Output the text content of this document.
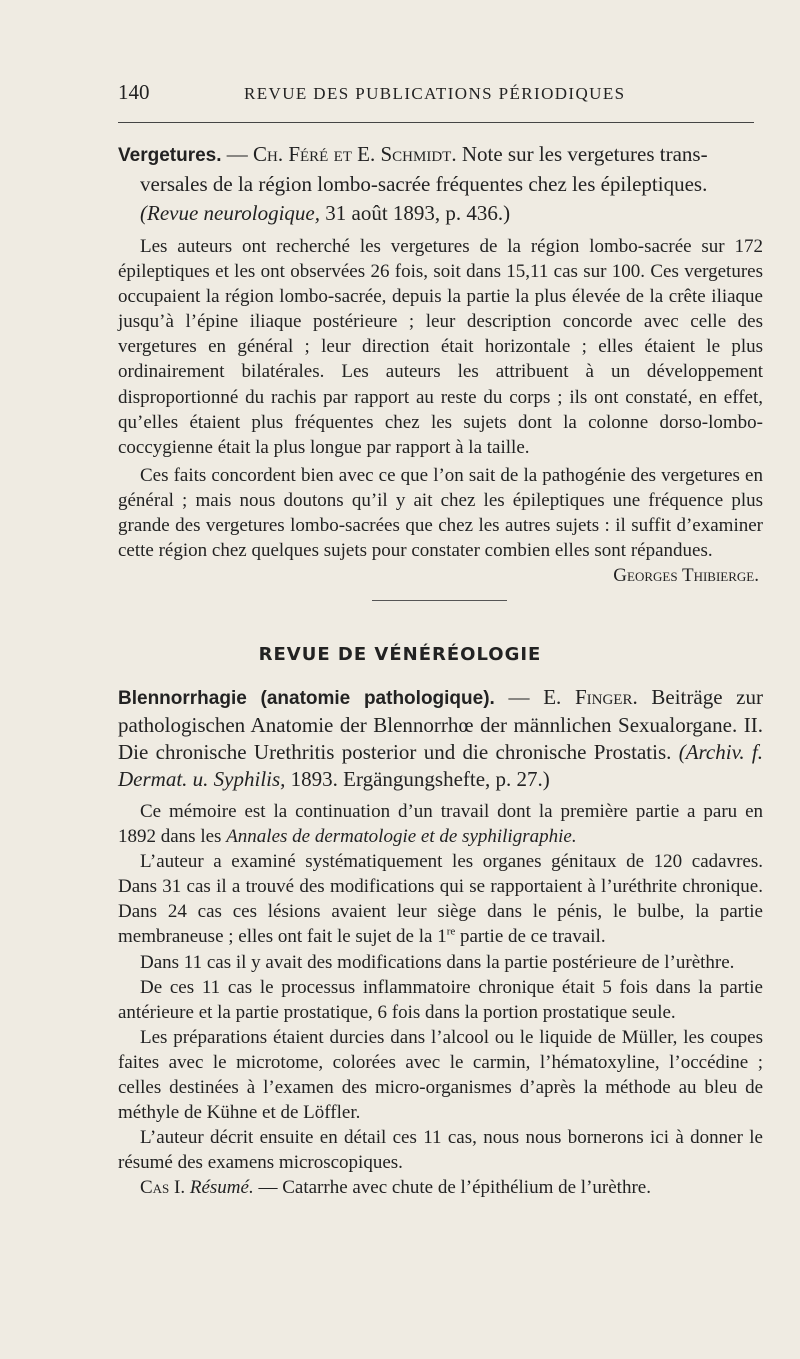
140	REVUE DES PUBLICATIONS PÉRIODIQUES

Vergetures. — Ch. Féré et E. Schmidt. Note sur les vergetures trans-
versales de la région lombo-sacrée fréquentes chez les épileptiques.
(Revue neurologique, 31 août 1893, p. 436.)

Les auteurs ont recherché les vergetures de la région lombo-sacrée sur 172 épileptiques et les ont observées 26 fois, soit dans 15,11 cas sur 100. Ces vergetures occupaient la région lombo-sacrée, depuis la partie la plus élevée de la crête iliaque jusqu’à l’épine iliaque postérieure ; leur description concorde avec celle des vergetures en général ; leur direction était horizontale ; elles étaient le plus ordinairement bilatérales. Les auteurs les attribuent à un développement disproportionné du rachis par rapport au reste du corps ; ils ont constaté, en effet, qu’elles étaient plus fréquentes chez les sujets dont la colonne dorso-lombo-coccygienne était la plus longue par rapport à la taille.

Ces faits concordent bien avec ce que l’on sait de la pathogénie des vergetures en général ; mais nous doutons qu’il y ait chez les épileptiques une fréquence plus grande des vergetures lombo-sacrées que chez les autres sujets : il suffit d’examiner cette région chez quelques sujets pour constater combien elles sont répandues.
Georges Thibierge.

REVUE DE VÉNÉRÉOLOGIE

Blennorrhagie (anatomie pathologique). — E. Finger. Beiträge zur pathologischen Anatomie der Blennorrhœ der männlichen Sexualorgane. II. Die chronische Urethritis posterior und die chronische Prostatis. (Archiv. f. Dermat. u. Syphilis, 1893. Ergängungshefte, p. 27.)

Ce mémoire est la continuation d’un travail dont la première partie a paru en 1892 dans les Annales de dermatologie et de syphiligraphie.

L’auteur a examiné systématiquement les organes génitaux de 120 cadavres. Dans 31 cas il a trouvé des modifications qui se rapportaient à l’uréthrite chronique. Dans 24 cas ces lésions avaient leur siège dans le pénis, le bulbe, la partie membraneuse ; elles ont fait le sujet de la 1re partie de ce travail.

Dans 11 cas il y avait des modifications dans la partie postérieure de l’urèthre.

De ces 11 cas le processus inflammatoire chronique était 5 fois dans la partie antérieure et la partie prostatique, 6 fois dans la portion prostatique seule.

Les préparations étaient durcies dans l’alcool ou le liquide de Müller, les coupes faites avec le microtome, colorées avec le carmin, l’hématoxyline, l’occédine ; celles destinées à l’examen des micro-organismes d’après la méthode au bleu de méthyle de Kühne et de Löffler.

L’auteur décrit ensuite en détail ces 11 cas, nous nous bornerons ici à donner le résumé des examens microscopiques.

Cas I. Résumé. — Catarrhe avec chute de l’épithélium de l’urèthre.
